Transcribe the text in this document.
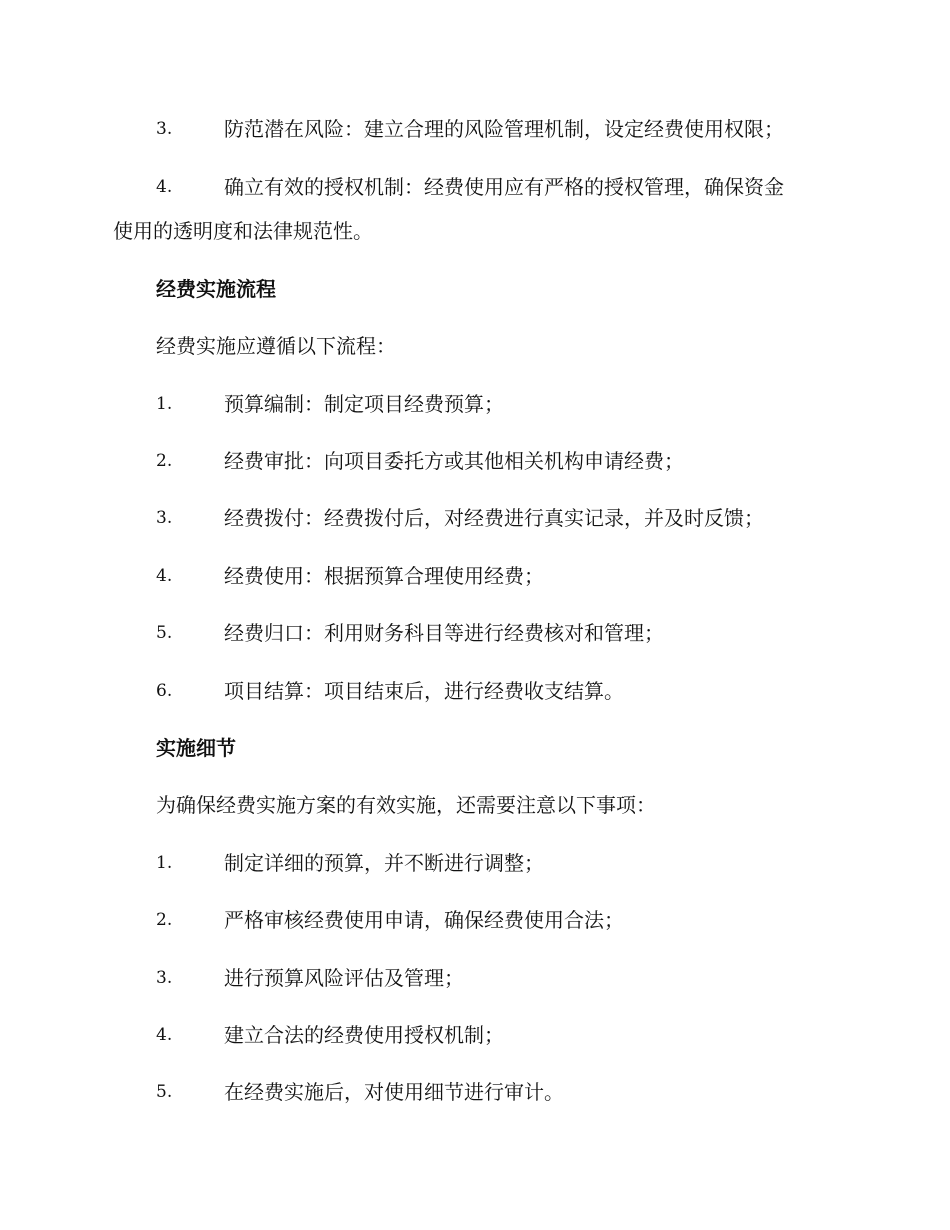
3.	防范潜在风险：建立合理的风险管理机制，设定经费使用权限；
4.	确立有效的授权机制：经费使用应有严格的授权管理，确保资金
使用的透明度和法律规范性。
经费实施流程
经费实施应遵循以下流程：
1.	预算编制：制定项目经费预算；
2.	经费审批：向项目委托方或其他相关机构申请经费；
3.	经费拨付：经费拨付后，对经费进行真实记录，并及时反馈；
4.	经费使用：根据预算合理使用经费；
5.	经费归口：利用财务科目等进行经费核对和管理；
6.	项目结算：项目结束后，进行经费收支结算。
实施细节
为确保经费实施方案的有效实施，还需要注意以下事项：
1.	制定详细的预算，并不断进行调整；
2.	严格审核经费使用申请，确保经费使用合法；
3.	进行预算风险评估及管理；
4.	建立合法的经费使用授权机制；
5.	在经费实施后，对使用细节进行审计。
